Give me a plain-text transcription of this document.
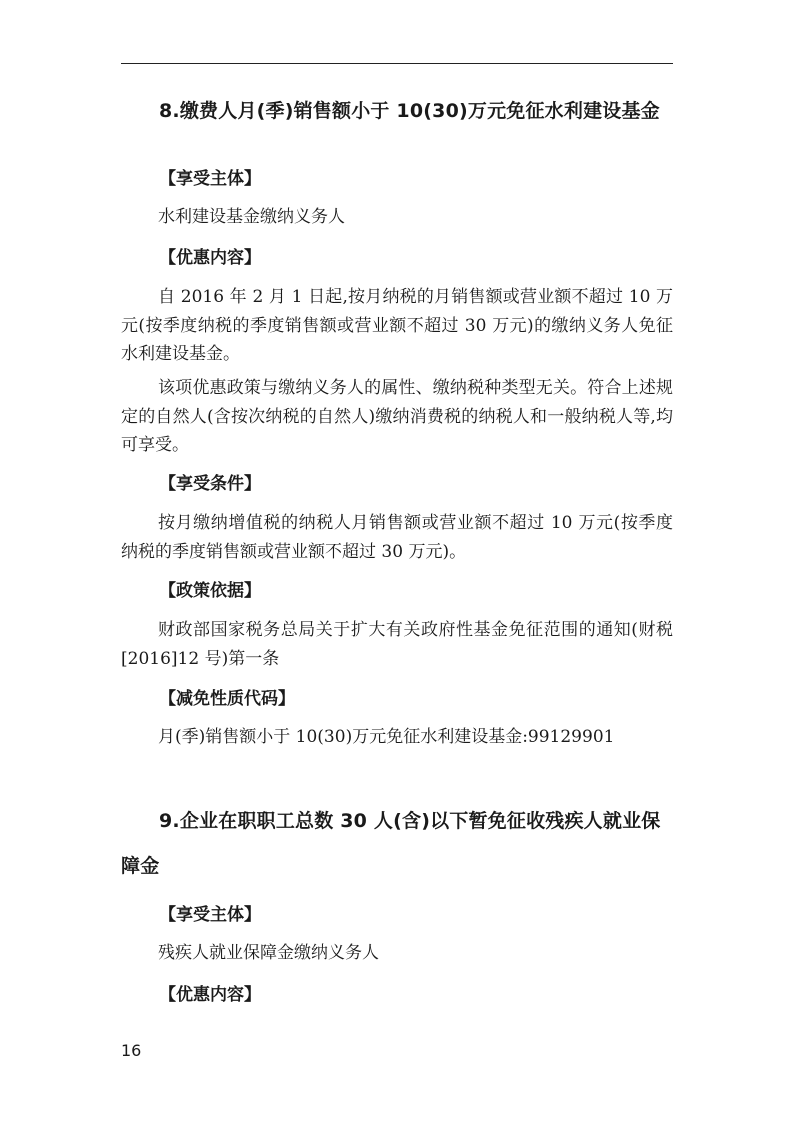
8.缴费人月(季)销售额小于 10(30)万元免征水利建设基金
【享受主体】

水利建设基金缴纳义务人

【优惠内容】

自 2016 年 2 月 1 日起,按月纳税的月销售额或营业额不超过 10 万元(按季度纳税的季度销售额或营业额不超过 30 万元)的缴纳义务人免征水利建设基金。

该项优惠政策与缴纳义务人的属性、缴纳税种类型无关。符合上述规定的自然人(含按次纳税的自然人)缴纳消费税的纳税人和一般纳税人等,均可享受。

【享受条件】

按月缴纳增值税的纳税人月销售额或营业额不超过 10 万元(按季度纳税的季度销售额或营业额不超过 30 万元)。

【政策依据】

财政部国家税务总局关于扩大有关政府性基金免征范围的通知(财税[2016]12 号)第一条

【减免性质代码】

月(季)销售额小于 10(30)万元免征水利建设基金:99129901

9.企业在职职工总数 30 人(含)以下暂免征收残疾人就业保障金
【享受主体】

残疾人就业保障金缴纳义务人

【优惠内容】
16
